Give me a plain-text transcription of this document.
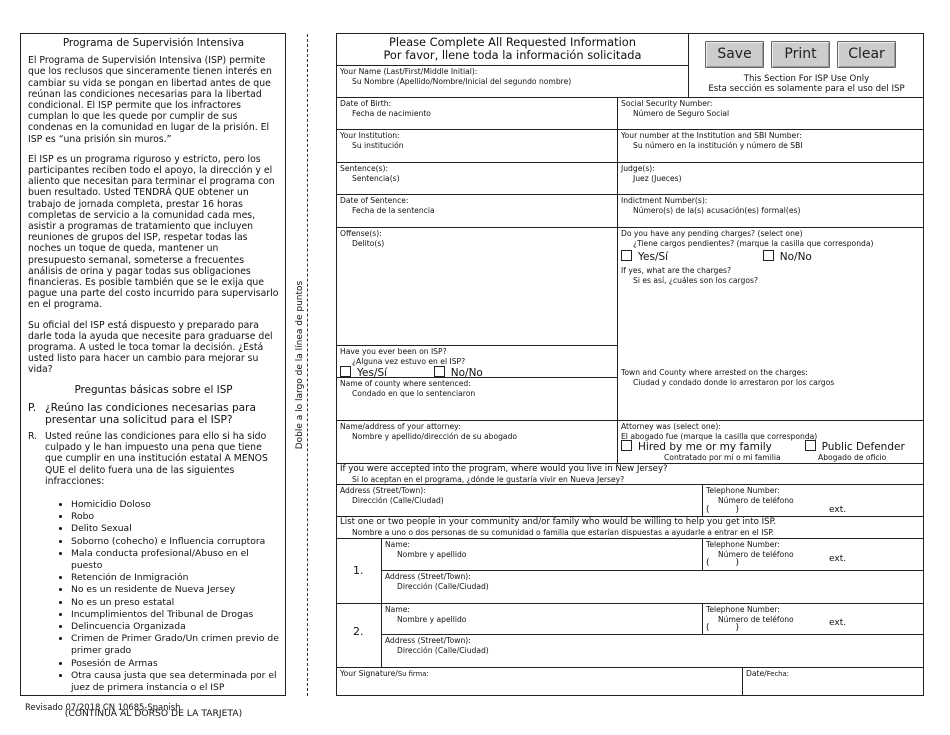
Programa de Supervisión Intensiva

El Programa de Supervisión Intensiva (ISP) permite que los reclusos que sinceramente tienen interés en cambiar su vida se pongan en libertad antes de que reúnan las condiciones necesarias para la libertad condicional. El ISP permite que los infractores cumplan lo que les quede por cumplir de sus condenas en la comunidad en lugar de la prisión. El ISP es “una prisión sin muros.”

El ISP es un programa riguroso y estricto, pero los participantes reciben todo el apoyo, la dirección y el aliento que necesitan para terminar el programa con buen resultado. Usted TENDRÁ QUE obtener un trabajo de jornada completa, prestar 16 horas completas de servicio a la comunidad cada mes, asistir a programas de tratamiento que incluyen reuniones de grupos del ISP, respetar todas las noches un toque de queda, mantener un presupuesto semanal, someterse a frecuentes análisis de orina y pagar todas sus obligaciones financieras. Es posible también que se le exija que pague una parte del costo incurrido para supervisarlo en el programa.

Su oficial del ISP está dispuesto y preparado para darle toda la ayuda que necesite para graduarse del programa. A usted le toca tomar la decisión. ¿Está usted listo para hacer un cambio para mejorar su vida?

Preguntas básicas sobre el ISP
P. ¿Reúno las condiciones necesarias para presentar una solicitud para el ISP?
R. Usted reúne las condiciones para ello si ha sido culpado y le han impuesto una pena que tiene que cumplir en una institución estatal A MENOS QUE el delito fuera una de las siguientes infracciones:
• Homicidio Doloso
• Robo
• Delito Sexual
• Soborno (cohecho) e Influencia corruptora
• Mala conducta profesional/Abuso en el puesto
• Retención de Inmigración
• No es un residente de Nueva Jersey
• No es un preso estatal
• Incumplimientos del Tribunal de Drogas
• Delincuencia Organizada
• Crimen de Primer Grado/Un crimen previo de primer grado
• Posesión de Armas
• Otra causa justa que sea determinada por el juez de primera instancia o el ISP
(CONTINÚA AL DORSO DE LA TARJETA)
Revisado 07/2018 CN 10685-Spanish
Doble a lo largo de la línea de puntos
Please Complete All Requested Information
Por favor, llene toda la información solicitada	Save	Print	Clear
This Section For ISP Use Only
Esta sección es solamente para el uso del ISP
Your Name (Last/First/Middle Initial):
Su Nombre (Apellido/Nombre/Inicial del segundo nombre)
Date of Birth:
Fecha de nacimiento
Social Security Number:
Número de Seguro Social
Your Institution:
Su institución
Your number at the Institution and SBI Number:
Su número en la institución y número de SBI
Sentence(s):
Sentencia(s)
Judge(s):
Juez (Jueces)
Date of Sentence:
Fecha de la sentencia
Indictment Number(s):
Número(s) de la(s) acusación(es) formal(es)
Offense(s):
Delito(s)
Do you have any pending charges? (select one)
¿Tiene cargos pendientes? (marque la casilla que corresponda)
Yes/Sí	No/No
If yes, what are the charges?
Si es así, ¿cuáles son los cargos?
Town and County where arrested on the charges:
Ciudad y condado donde lo arrestaron por los cargos
Have you ever been on ISP?
¿Alguna vez estuvo en el ISP?
Yes/Sí	No/No
Name of county where sentenced:
Condado en que lo sentenciaron
Name/address of your attorney:
Nombre y apellido/dirección de su abogado
Attorney was (select one):
El abogado fue (marque la casilla que corresponda)
Hired by me or my family	Public Defender
Contratado por mí o mi familia	Abogado de oficio
If you were accepted into the program, where would you live in New Jersey?
Si lo aceptan en el programa, ¿dónde le gustaría vivir en Nueva Jersey?
Address (Street/Town):
Dirección (Calle/Ciudad)
Telephone Number:
Número de teléfono
(	)	ext.
List one or two people in your community and/or family who would be willing to help you get into ISP.
Nombre a uno o dos personas de su comunidad o familia que estarían dispuestas a ayudarle a entrar en el ISP.
1.
Name:
Nombre y apellido
Telephone Number:
Número de teléfono
(	)	ext.
Address (Street/Town):
Dirección (Calle/Ciudad)
2.
Name:
Nombre y apellido
Telephone Number:
Número de teléfono
(	)	ext.
Address (Street/Town):
Dirección (Calle/Ciudad)
Your Signature/Su firma:	Date/Fecha:
